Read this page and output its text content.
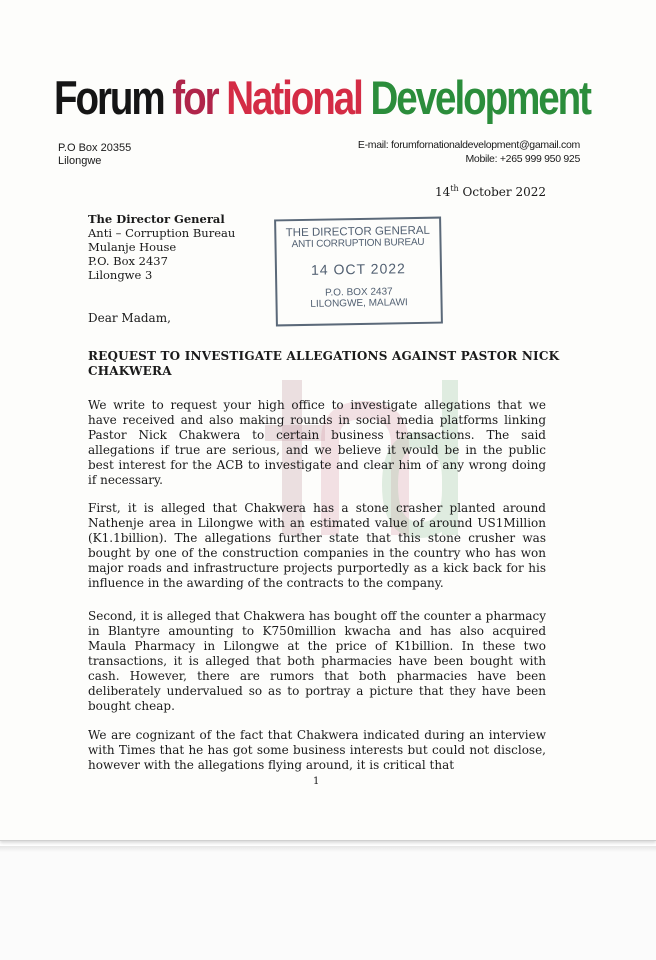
Forum for National Development
P.O Box 20355
Lilongwe
E-mail: forumfornationaldevelopment@gamail.com
Mobile: +265 999 950 925
14th October 2022
The Director General
Anti – Corruption Bureau
Mulanje House
P.O. Box 2437
Lilongwe 3
THE DIRECTOR GENERAL
ANTI CORRUPTION BUREAU
14 OCT 2022
P.O. BOX 2437
LILONGWE, MALAWI
Dear Madam,
REQUEST TO INVESTIGATE ALLEGATIONS AGAINST PASTOR NICK CHAKWERA
We write to request your high office to investigate allegations that we have received and also making rounds in social media platforms linking Pastor Nick Chakwera to certain business transactions. The said allegations if true are serious, and we believe it would be in the public best interest for the ACB to investigate and clear him of any wrong doing if necessary.
First, it is alleged that Chakwera has a stone crasher planted around Nathenje area in Lilongwe with an estimated value of around US1Million (K1.1billion). The allegations further state that this stone crusher was bought by one of the construction companies in the country who has won major roads and infrastructure projects purportedly as a kick back for his influence in the awarding of the contracts to the company.
Second, it is alleged that Chakwera has bought off the counter a pharmacy in Blantyre amounting to K750million kwacha and has also acquired Maula Pharmacy in Lilongwe at the price of K1billion. In these two transactions, it is alleged that both pharmacies have been bought with cash. However, there are rumors that both pharmacies have been deliberately undervalued so as to portray a picture that they have been bought cheap.
We are cognizant of the fact that Chakwera indicated during an interview with Times that he has got some business interests but could not disclose, however with the allegations flying around, it is critical that
1
